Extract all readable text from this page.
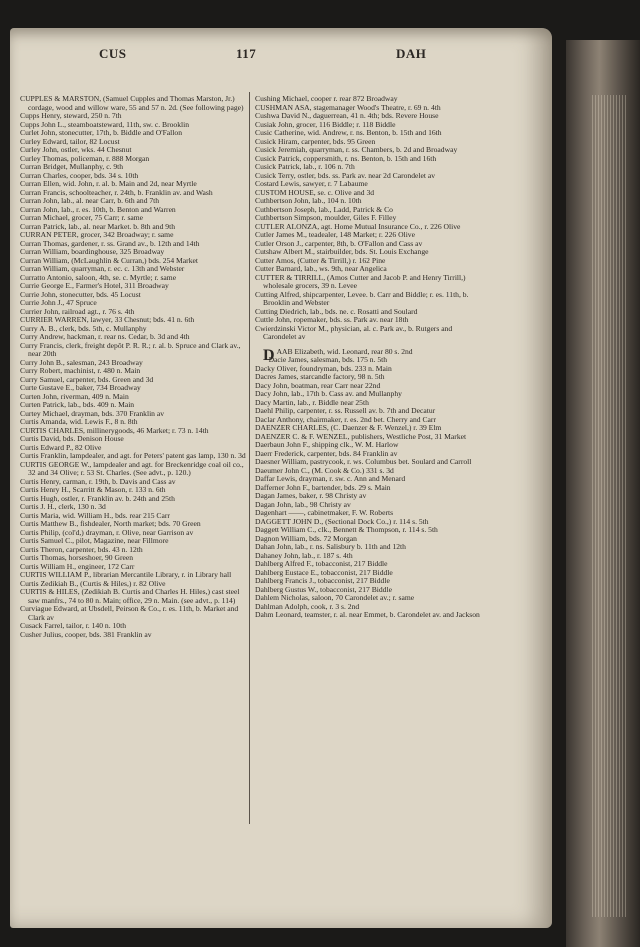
CUS	117	DAH
CUPPLES & MARSTON, (Samuel Cupples and Thomas Marston, Jr.) cordage, wood and willow ware, 55 and 57 n. 2d. (See following page)
Cupps Henry, steward, 250 n. 7th
Cupps John L., steamboatsteward, 11th, sw. c. Brooklin
Curlet John, stonecutter, 17th, b. Biddle and O'Fallon
Curley Edward, tailor, 82 Locust
Curley John, ostler, wks. 44 Chesnut
Curley Thomas, policeman, r. 888 Morgan
Curran Bridget, Mullanphy, c. 9th
Curran Charles, cooper, bds. 34 s. 10th
Curran Ellen, wid. John, r. al. b. Main and 2d, near Myrtle
Curran Francis, schoolteacher, r. 24th, b. Franklin av. and Wash
Curran John, lab., al. near Carr, b. 6th and 7th
Curran John, lab., r. es. 10th, b. Benton and Warren
Curran Michael, grocer, 75 Carr; r. same
Curran Patrick, lab., al. near Market. b. 8th and 9th
CURRAN PETER, grocer, 342 Broadway; r. same
Curran Thomas, gardener, r. ss. Grand av., b. 12th and 14th
Curran William, boardinghouse, 325 Broadway
Curran William, (McLaughlin & Curran,) bds. 254 Market
Curran William, quarryman, r. ec. c. 13th and Webster
Curratto Antonio, saloon, 4th, se. c. Myrtle; r. same
Currie George E., Farmer's Hotel, 311 Broadway
Currie John, stonecutter, bds. 45 Locust
Currie John J., 47 Spruce
Currier John, railroad agt., r. 76 s. 4th
CURRIER WARREN, lawyer, 33 Chesnut; bds. 41 n. 6th
Curry A. B., clerk, bds. 5th, c. Mullanphy
Curry Andrew, hackman, r. rear ns. Cedar, b. 3d and 4th
Curry Francis, clerk, freight depôt P. R. R.; r. al. b. Spruce and Clark av., near 20th
Curry John B., salesman, 243 Broadway
Curry Robert, machinist, r. 480 n. Main
Curry Samuel, carpenter, bds. Green and 3d
Curte Gustave E., baker, 734 Broadway
Curten John, riverman, 409 n. Main
Curten Patrick, lab., bds. 409 n. Main
Curtey Michael, drayman, bds. 370 Franklin av
Curtis Amanda, wid. Lewis F., 8 n. 8th
CURTIS CHARLES, millinerygoods, 46 Market; r. 73 n. 14th
Curtis David, bds. Denison House
Curtis Edward P., 82 Olive
Curtis Franklin, lampdealer, and agt. for Peters' patent gas lamp, 130 n. 3d
CURTIS GEORGE W., lampdealer and agt. for Breckenridge coal oil co., 32 and 34 Olive; r. 53 St. Charles. (See advt., p. 120.)
Curtis Henry, carman, r. 19th, b. Davis and Cass av
Curtis Henry H., Scarritt & Mason, r. 133 n. 6th
Curtis Hugh, ostler, r. Franklin av. b. 24th and 25th
Curtis J. H., clerk, 130 n. 3d
Curtis Maria, wid. William H., bds. rear 215 Carr
Curtis Matthew B., fishdealer, North market; bds. 70 Green
Curtis Philip, (col'd,) drayman, r. Olive, near Garrison av
Curtis Samuel C., pilot, Magazine, near Fillmore
Curtis Theron, carpenter, bds. 43 n. 12th
Curtis Thomas, horseshoer, 90 Green
Curtis William H., engineer, 172 Carr
CURTIS WILLIAM P., librarian Mercantile Library, r. in Library hall
Curtis Zedikiah B., (Curtis & Hiles,) r. 82 Olive
CURTIS & HILES, (Zedikiah B. Curtis and Charles H. Hiles,) cast steel saw manfrs., 74 to 80 n. Main; office, 29 n. Main. (see advt., p. 114)
Curviague Edward, at Ubsdell, Peirson & Co., r. es. 11th, b. Market and Clark av
Cusack Farrel, tailor, r. 140 n. 10th
Cusher Julius, cooper, bds. 381 Franklin av
Cushing Michael, cooper r. rear 872 Broadway
CUSHMAN ASA, stagemanager Wood's Theatre, r. 69 n. 4th
Cushwa David N., daguerrean, 41 n. 4th; bds. Revere House
Cusiak John, grocer, 116 Biddle; r. 118 Biddle
Cusic Catherine, wid. Andrew, r. ns. Benton, b. 15th and 16th
Cusick Hiram, carpenter, bds. 95 Green
Cusick Jeremiah, quarryman, r. ss. Chambers, b. 2d and Broadway
Cusick Patrick, coppersmith, r. ns. Benton, b. 15th and 16th
Cusick Patrick, lab., r. 106 n. 7th
Cusick Terry, ostler, bds. ss. Park av. near 2d Carondelet av
Costard Lewis, sawyer, r. 7 Labaume
CUSTOM HOUSE, se. c. Olive and 3d
Cuthbertson John, lab., 104 n. 10th
Cuthbertson Joseph, lab., Ladd, Patrick & Co
Cuthbertson Simpson, moulder, Giles F. Filley
CUTLER ALONZA, agt. Home Mutual Insurance Co., r. 226 Olive
Cutler James M., teadealer, 148 Market; r. 226 Olive
Cutler Orson J., carpenter, 8th, b. O'Fallon and Cass av
Cutshaw Albert M., stairbuilder, bds. St. Louis Exchange
Cutter Amos, (Cutter & Tirrill,) r. 162 Pine
Cutter Barnard, lab., ws. 9th, near Angelica
CUTTER & TIRRILL, (Amos Cutter and Jacob P. and Henry Tirrill,) wholesale grocers, 39 n. Levee
Cutting Alfred, shipcarpenter, Levee. b. Carr and Biddle; r. es. 11th, b. Brooklin and Webster
Cutting Diedrich, lab., bds. ne. c. Rosatti and Soulard
Cuttle John, ropemaker, bds. ss. Park av. near 18th
Cwierdzinski Victor M., physician, al. c. Park av., b. Rutgers and Carondelet av
DAAB Elizabeth, wid. Leonard, rear 80 s. 2nd
Dacie James, salesman, bds. 175 n. 5th
Dacky Oliver, foundryman, bds. 233 n. Main
Dacres James, starcandle factory, 98 n. 5th
Dacy John, boatman, rear Carr near 22nd
Dacy John, lab., 17th b. Cass av. and Mullanphy
Dacy Martin, lab., r. Biddle near 25th
Daehl Philip, carpenter, r. ss. Russell av. b. 7th and Decatur
Daclar Anthony, chairmaker, r. es. 2nd bet. Cherry and Carr
DAENZER CHARLES, (C. Daenzer & F. Wenzel,) r. 39 Elm
DAENZER C. & F. WENZEL, publishers, Westliche Post, 31 Market
Daerbaun John F., shipping clk., W. M. Harlow
Daerr Frederick, carpenter, bds. 84 Franklin av
Daesner William, pastrycook, r. ws. Columbus bet. Soulard and Carroll
Daeumer John C., (M. Cook & Co.) 331 s. 3d
Daffar Lewis, drayman, r. sw. c. Ann and Menard
Dafferner John F., bartender, bds. 29 s. Main
Dagan James, baker, r. 98 Christy av
Dagan John, lab., 98 Christy av
Dagenhart ——, cabinetmaker, F. W. Roberts
DAGGETT JOHN D., (Sectional Dock Co.,) r. 114 s. 5th
Daggett William C., clk., Bennett & Thompson, r. 114 s. 5th
Dagnon William, bds. 72 Morgan
Dahan John, lab., r. ns. Salisbury b. 11th and 12th
Dahaney John, lab., r. 187 s. 4th
Dahlberg Alfred F., tobacconist, 217 Biddle
Dahlberg Eustace E., tobacconist, 217 Biddle
Dahlberg Francis J., tobacconist, 217 Biddle
Dahlberg Gustus W., tobacconist, 217 Biddle
Dahlem Nicholas, saloon, 70 Carondelet av.; r. same
Dahlman Adolph, cook, r. 3 s. 2nd
Dahm Leonard, teamster, r. al. near Emmet, b. Carondelet av. and Jackson
